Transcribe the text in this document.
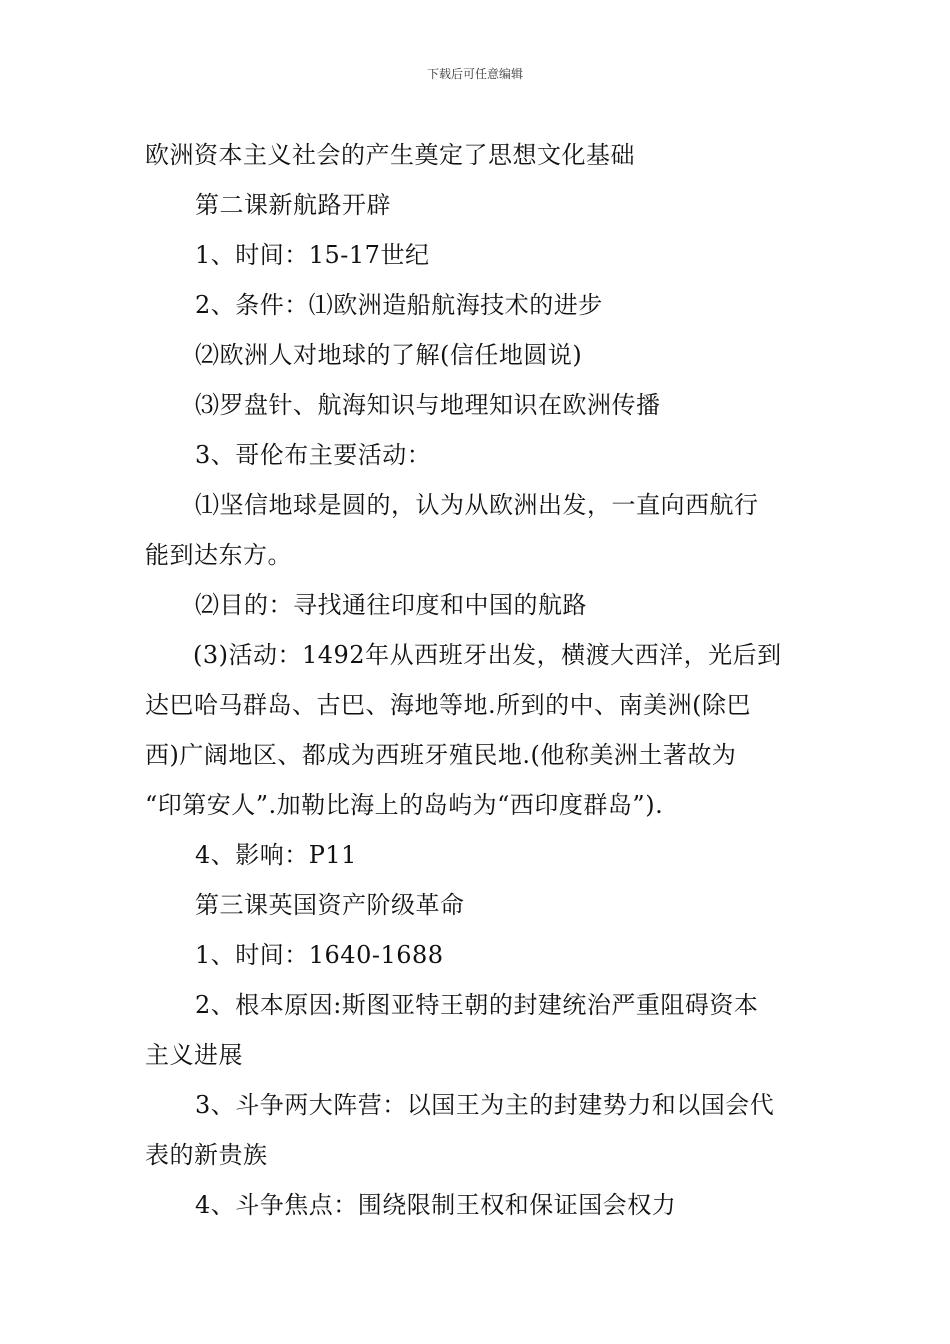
下载后可任意编辑
欧洲资本主义社会的产生奠定了思想文化基础
第二课新航路开辟
1、时间：15-17世纪
2、条件：⑴欧洲造船航海技术的进步
⑵欧洲人对地球的了解(信任地圆说)
⑶罗盘针、航海知识与地理知识在欧洲传播
3、哥伦布主要活动：
⑴坚信地球是圆的，认为从欧洲出发，一直向西航行
能到达东方。
⑵目的：寻找通往印度和中国的航路
(3)活动：1492年从西班牙出发，横渡大西洋，光后到
达巴哈马群岛、古巴、海地等地.所到的中、南美洲(除巴
西)广阔地区、都成为西班牙殖民地.(他称美洲土著故为
“印第安人”.加勒比海上的岛屿为“西印度群岛”).
4、影响：P11
第三课英国资产阶级革命
1、时间：1640-1688
2、根本原因:斯图亚特王朝的封建统治严重阻碍资本
主义进展
3、斗争两大阵营：以国王为主的封建势力和以国会代
表的新贵族
4、斗争焦点：围绕限制王权和保证国会权力
